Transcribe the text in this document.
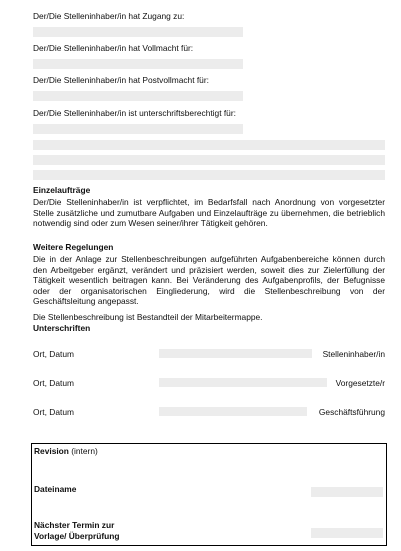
Der/Die Stelleninhaber/in hat Zugang zu:
Der/Die Stelleninhaber/in hat Vollmacht für:
Der/Die Stelleninhaber/in hat Postvollmacht für:
Der/Die Stelleninhaber/in ist unterschriftsberechtigt für:
Einzelaufträge
Der/Die Stelleninhaber/in ist verpflichtet, im Bedarfsfall nach Anordnung von vorgesetzter Stelle zusätzliche und zumutbare Aufgaben und Einzelaufträge zu übernehmen, die betrieblich notwendig sind oder zum Wesen seiner/ihrer Tätigkeit gehören.
Weitere Regelungen
Die in der Anlage zur Stellenbeschreibungen aufgeführten Aufgabenbereiche können durch den Arbeitgeber ergänzt, verändert und präzisiert werden, soweit dies zur Zielerfüllung der Tätigkeit wesentlich beitragen kann. Bei Veränderung des Aufgabenprofils, der Befugnisse oder der organisatorischen Eingliederung, wird die Stellenbeschreibung von der Geschäftsleitung angepasst.
Die Stellenbeschreibung ist Bestandteil der Mitarbeitermappe.
Unterschriften
Ort, Datum	Stelleninhaber/in
Ort, Datum	Vorgesetzte/r
Ort, Datum	Geschäftsführung
Revision (intern)
Dateiname
Nächster Termin zur
Vorlage/ Überprüfung
